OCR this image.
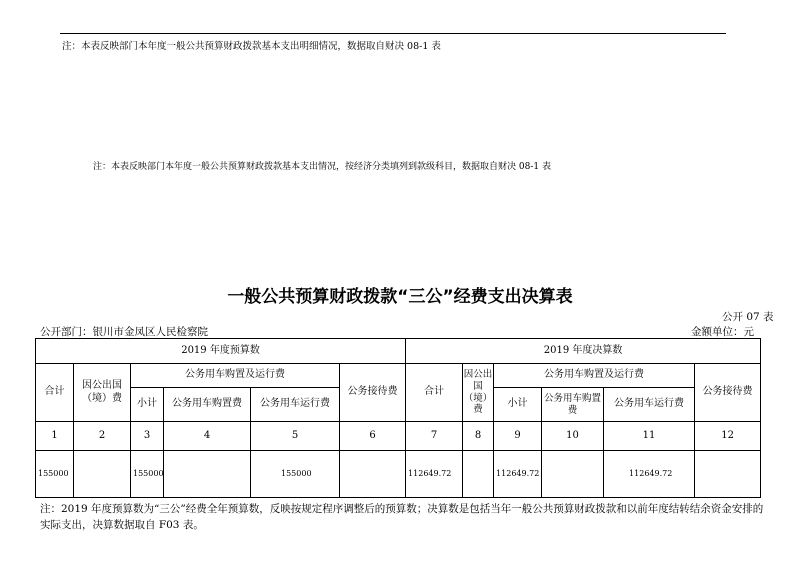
注：本表反映部门本年度一般公共预算财政拨款基本支出明细情况，数据取自财决 08-1 表
注：本表反映部门本年度一般公共预算财政拨款基本支出情况，按经济分类填列到款级科目，数据取自财决 08-1 表
一般公共预算财政拨款“三公”经费支出决算表
公开 07 表
公开部门：银川市金凤区人民检察院	金额单位：元
2019 年度预算数						2019 年度决算数					
合计	因公出国（境）费	公务用车购置及运行费			公务接待费	合计	因公出国（境）费	公务用车购置及运行费			公务接待费
		小计	公务用车购置费	公务用车运行费				小计	公务用车购置费	公务用车运行费	
1	2	3	4	5	6	7	8	9	10	11	12
155000		155000		155000		112649.72		112649.72		112649.72	
注：2019 年度预算数为“三公”经费全年预算数，反映按规定程序调整后的预算数；决算数是包括当年一般公共预算财政拨款和以前年度结转结余资金安排的实际支出，决算数据取自 F03 表。
